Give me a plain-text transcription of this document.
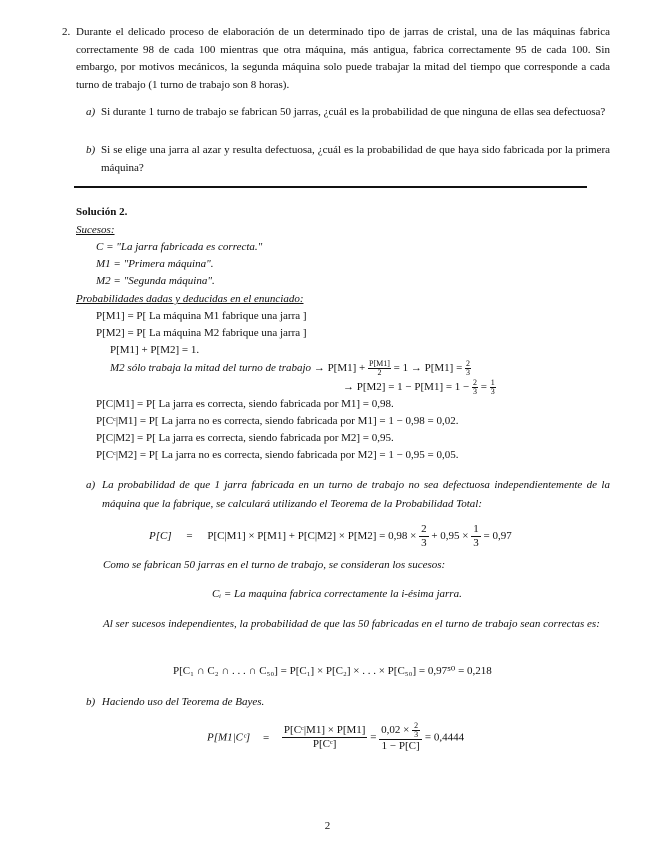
2. Durante el delicado proceso de elaboración de un determinado tipo de jarras de cristal, una de las máquinas fabrica correctamente 98 de cada 100 mientras que otra máquina, más antigua, fabrica correctamente 95 de cada 100. Sin embargo, por motivos mecánicos, la segunda máquina solo puede trabajar la mitad del tiempo que corresponde a cada turno de trabajo (1 turno de trabajo son 8 horas).
a) Si durante 1 turno de trabajo se fabrican 50 jarras, ¿cuál es la probabilidad de que ninguna de ellas sea defectuosa?
b) Si se elige una jarra al azar y resulta defectuosa, ¿cuál es la probabilidad de que haya sido fabricada por la primera máquina?
Solución 2.
Sucesos:
C = "La jarra fabricada es correcta."
M1 = "Primera máquina".
M2 = "Segunda máquina".
Probabilidades dadas y deducidas en el enunciado:
P[M1] = P[ La máquina M1 fabrique una jarra ]
P[M2] = P[ La máquina M2 fabrique una jarra ]
P[M1] + P[M2] = 1.
M2 sólo trabaja la mitad del turno de trabajo → $P[M1] + \frac{P[M1]}{2} = 1 \to P[M1] = \frac{2}{3}$
→ $P[M2] = 1 - P[M1] = 1 - \frac{2}{3} = \frac{1}{3}$
P[C|M1] = P[ La jarra es correcta, siendo fabricada por M1] = 0,98.
P[Cᶜ|M1] = P[ La jarra no es correcta, siendo fabricada por M1] = 1 − 0,98 = 0,02.
P[C|M2] = P[ La jarra es correcta, siendo fabricada por M2] = 0,95.
P[Cᶜ|M2] = P[ La jarra no es correcta, siendo fabricada por M2] = 1 − 0,95 = 0,05.
a) La probabilidad de que 1 jarra fabricada en un turno de trabajo no sea defectuosa independientemente de la máquina que la fabrique, se calculará utilizando el Teorema de la Probabilidad Total:
$P[C] = P[C|M1] \times P[M1] + P[C|M2] \times P[M2] = 0,98 \times \frac{2}{3} + 0,95 \times \frac{1}{3} = 0,97$
Como se fabrican 50 jarras en el turno de trabajo, se consideran los sucesos:
Cᵢ = La maquina fabrica correctamente la i-ésima jarra.
Al ser sucesos independientes, la probabilidad de que las 50 fabricadas en el turno de trabajo sean correctas es:
P[C₁ ∩ C₂ ∩ . . . ∩ C₅₀] = P[C₁] × P[C₂] × . . . × P[C₅₀] = 0,97⁵⁰ = 0,218
b) Haciendo uso del Teorema de Bayes.
P[M1|Cᶜ] = $\frac{\text{P[Cᶜ|M1] × P[M1]}}{\text{P[Cᶜ]}} = \frac{0,02 \times \frac{2}{3}}{1 - P[C]} = 0,4444$
2
